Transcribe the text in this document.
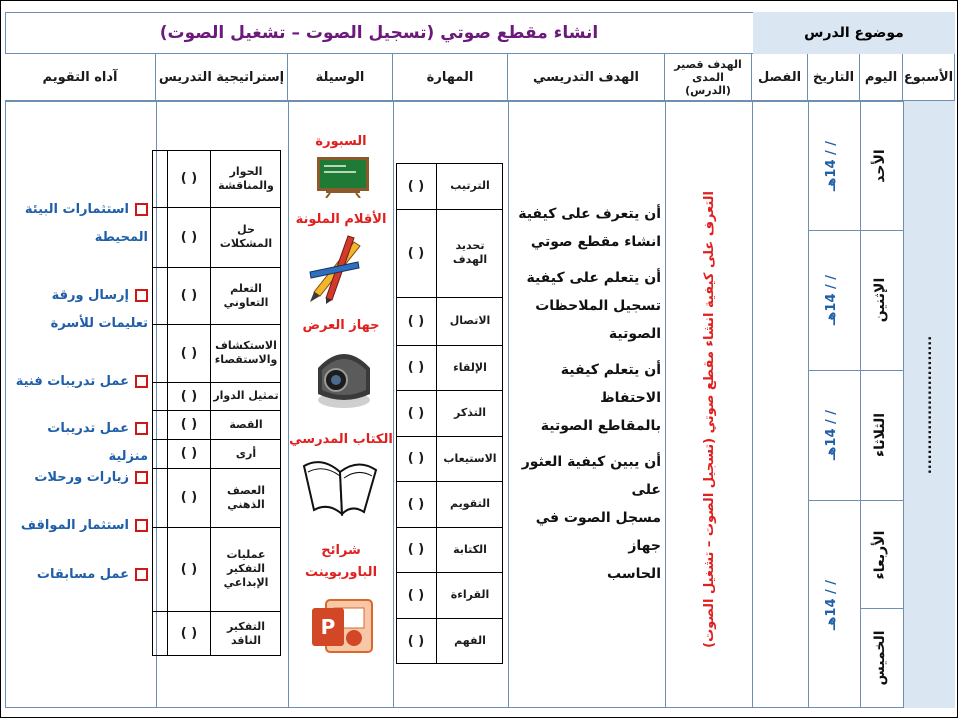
انشاء مقطع صوتي (تسجيل الصوت – تشغيل الصوت)	موضوع الدرس
الأسبوع
اليوم
التاريخ
الفصل
الهدف قصير المدى (الدرس)
الهدف التدريسي
المهارة
الوسيلة
إستراتيجية التدريس
آداه التقويم
............................
الأحد
الإثنين
الثلاثاء
الأربعاء
الخميس
/ / 14هـ
/ / 14هـ
/ / 14هـ
/ / 14هـ
التعرف على كيفية انشاء مقطع صوتي (تسجيل الصوت – تشغيل الصوت)
أن يتعرف على كيفية
انشاء مقطع صوتي
أن يتعلم على كيفية
تسجيل الملاحظات
الصوتية
أن يتعلم كيفية الاحتفاظ
بالمقاطع الصوتية
أن يبين كيفية العثور على
مسجل الصوت في جهاز
الحاسب
الترتيب
( )
تحديد الهدف
( )
الاتصال
( )
الإلقاء
( )
التذكر
( )
الاستيعاب
( )
التقويم
( )
الكتابة
( )
القراءة
( )
الفهم
( )
السبورة
الأقلام الملونة
جهاز العرض
الكتاب المدرسي
شرائح الباوربوينت
P
الحوار والمناقشة
( )
حل المشكلات
( )
التعلم التعاوني
( )
الاستكشاف والاستقصاء
( )
تمثيل الدوار
( )
القصة
( )
أرى
( )
العصف الذهني
( )
عمليات التفكير الإبداعي
( )
التفكير الناقد
( )
استثمارات البيئة المحيطة
إرسال ورقة تعليمات للأسرة
عمل تدريبات فنية
عمل تدريبات منزلية
زيارات ورحلات
استثمار المواقف
عمل مسابقات
